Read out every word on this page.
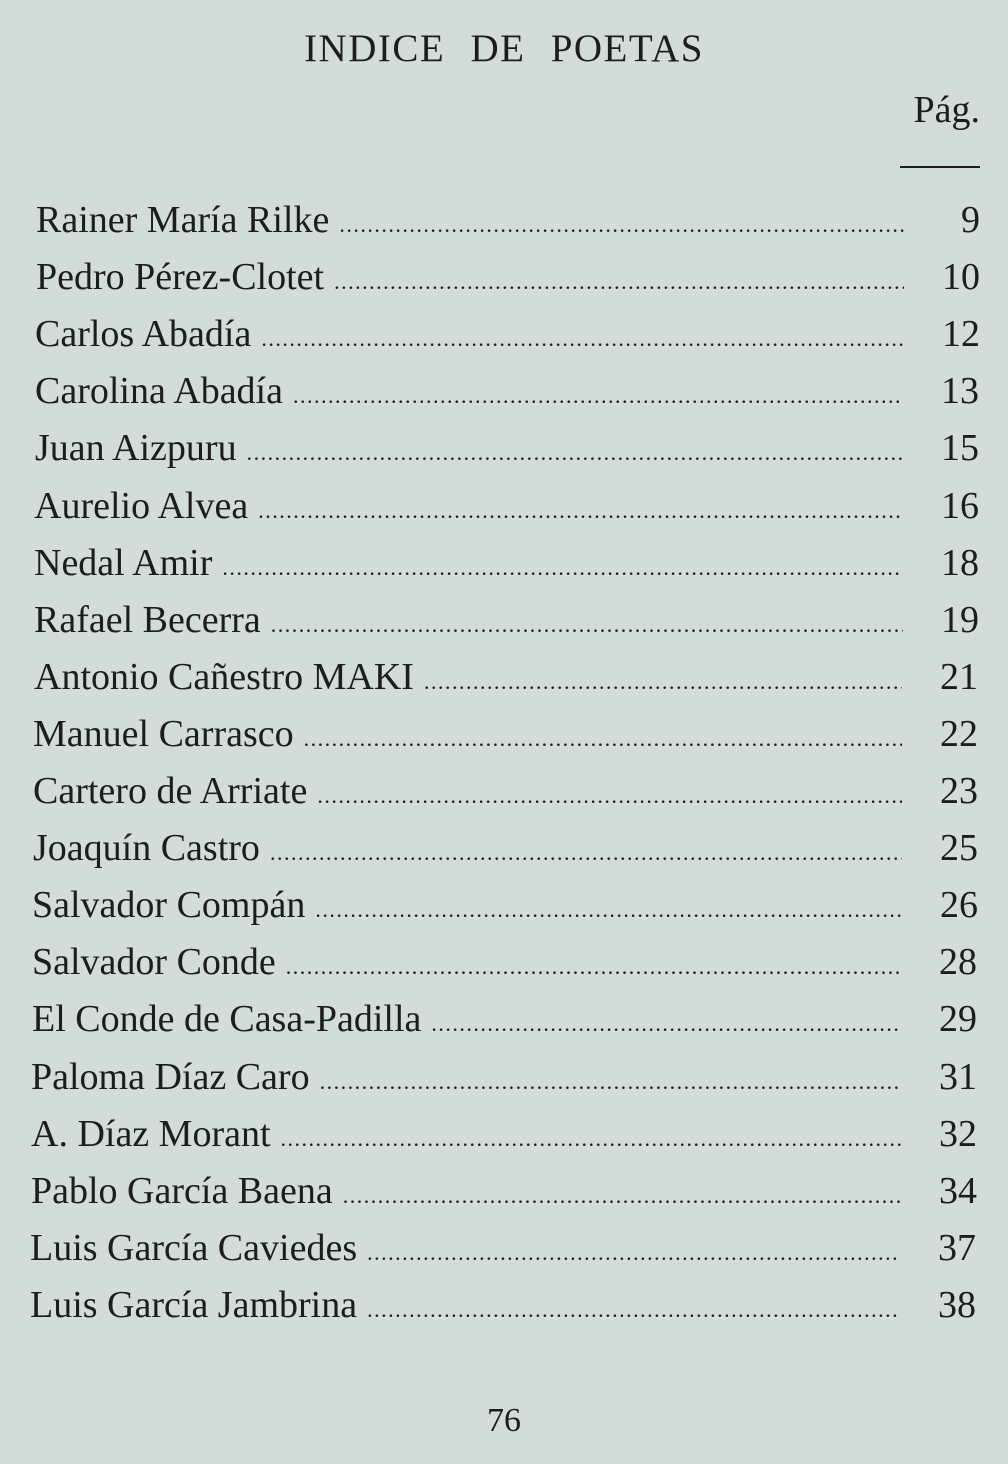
INDICE DE POETAS
Pág.
Rainer María Rilke .....	9
Pedro Pérez-Clotet .....	10
Carlos Abadía .....	12
Carolina Abadía .....	13
Juan Aizpuru .....	15
Aurelio Alvea .....	16
Nedal Amir .....	18
Rafael Becerra .....	19
Antonio Cañestro MAKI .....	21
Manuel Carrasco .....	22
Cartero de Arriate .....	23
Joaquín Castro .....	25
Salvador Compán .....	26
Salvador Conde .....	28
El Conde de Casa-Padilla .....	29
Paloma Díaz Caro .....	31
A. Díaz Morant .....	32
Pablo García Baena .....	34
Luis García Caviedes .....	37
Luis García Jambrina .....	38
76
